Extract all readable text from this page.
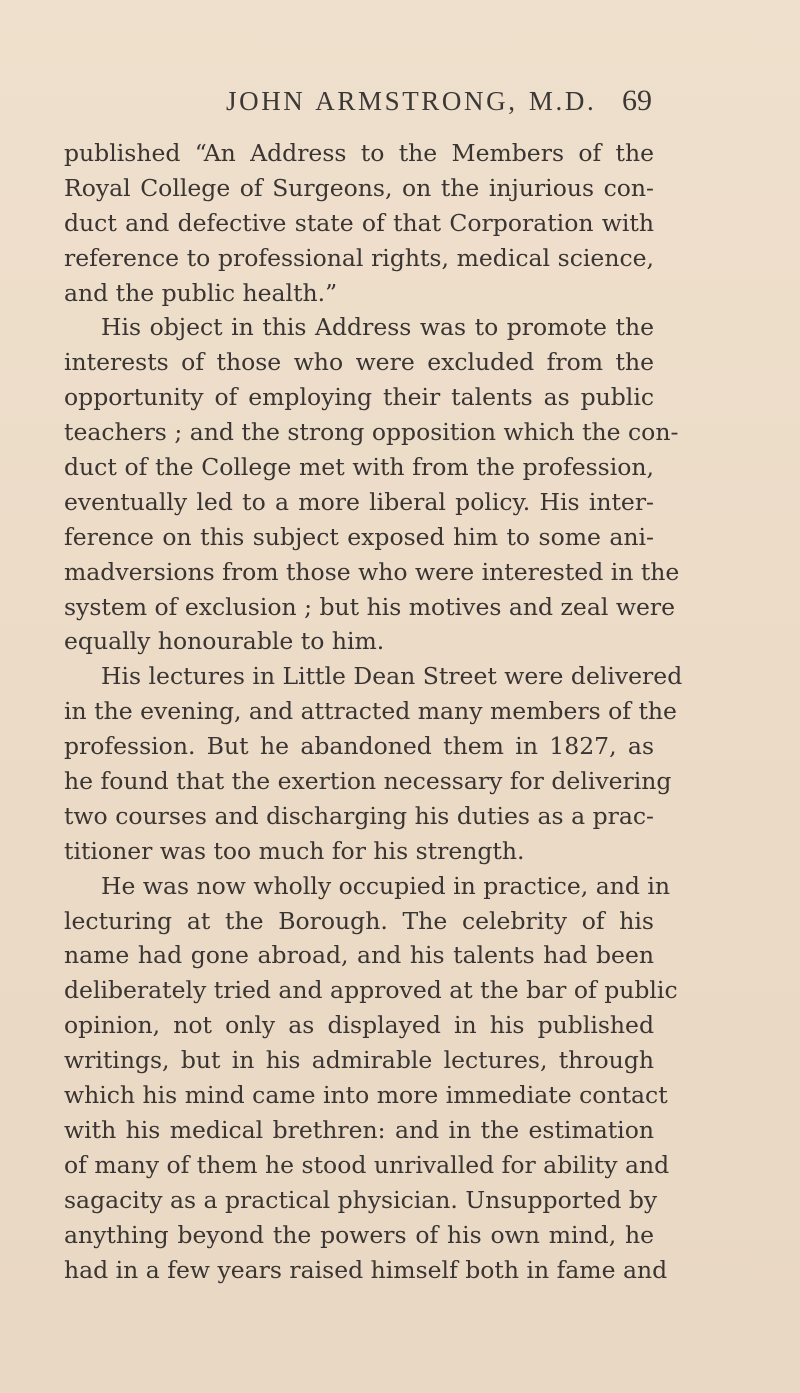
JOHN ARMSTRONG, M.D. 69
published “An Address to the Members of the
Royal College of Surgeons, on the injurious con-
duct and defective state of that Corporation with
reference to professional rights, medical science,
and the public health.”
His object in this Address was to promote the
interests of those who were excluded from the
opportunity of employing their talents as public
teachers ; and the strong opposition which the con-
duct of the College met with from the profession,
eventually led to a more liberal policy. His inter-
ference on this subject exposed him to some ani-
madversions from those who were interested in the
system of exclusion ; but his motives and zeal were
equally honourable to him.
His lectures in Little Dean Street were delivered
in the evening, and attracted many members of the
profession. But he abandoned them in 1827, as
he found that the exertion necessary for delivering
two courses and discharging his duties as a prac-
titioner was too much for his strength.
He was now wholly occupied in practice, and in
lecturing at the Borough. The celebrity of his
name had gone abroad, and his talents had been
deliberately tried and approved at the bar of public
opinion, not only as displayed in his published
writings, but in his admirable lectures, through
which his mind came into more immediate contact
with his medical brethren: and in the estimation
of many of them he stood unrivalled for ability and
sagacity as a practical physician. Unsupported by
anything beyond the powers of his own mind, he
had in a few years raised himself both in fame and
